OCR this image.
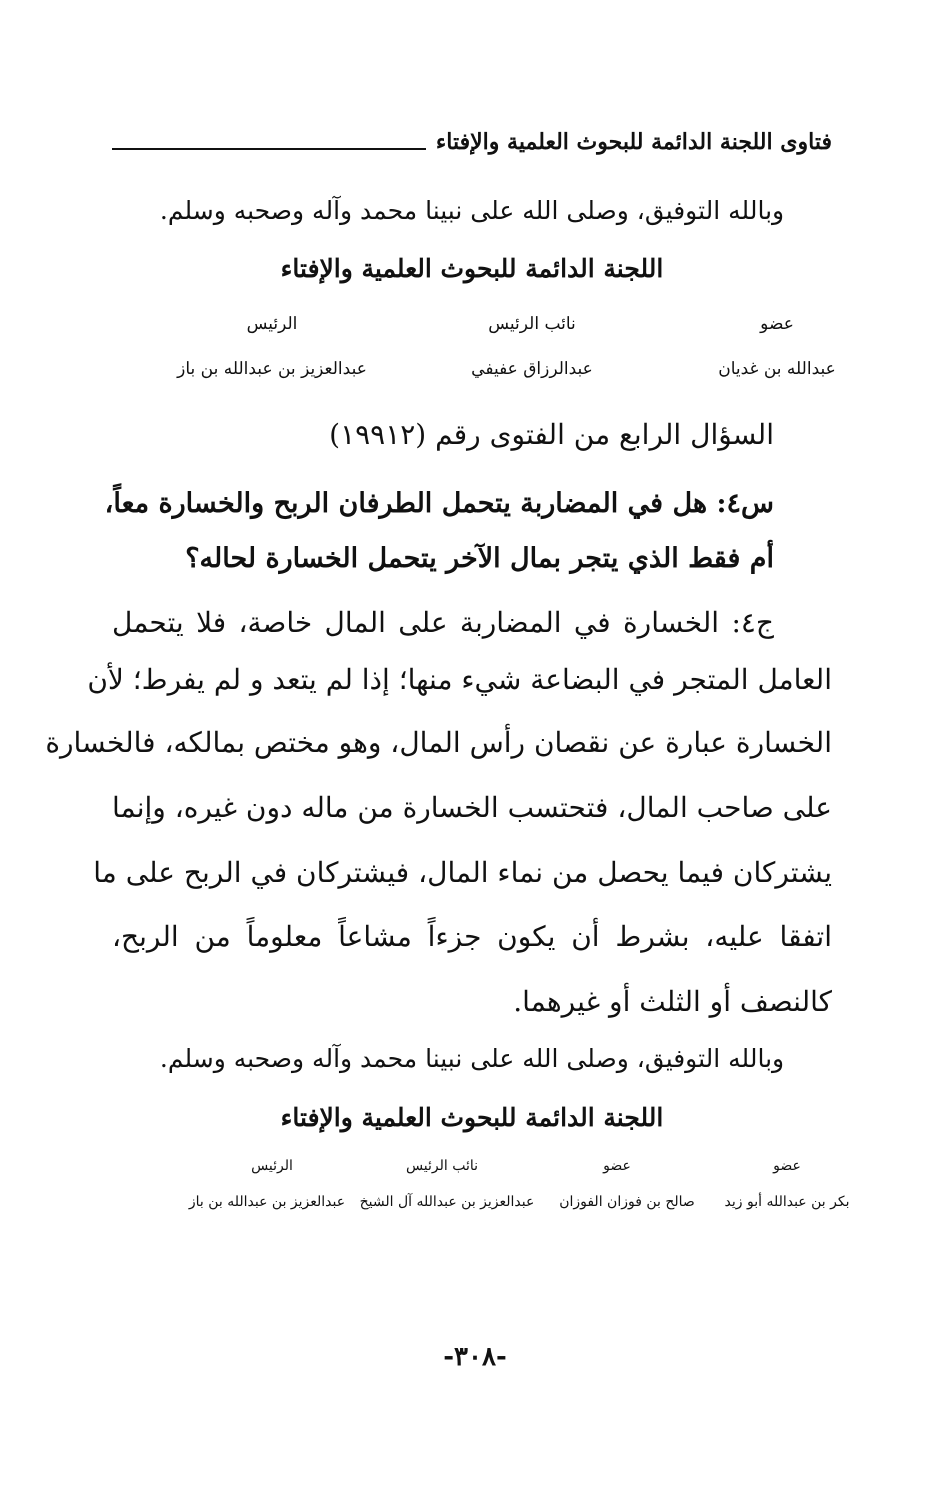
فتاوى اللجنة الدائمة للبحوث العلمية والإفتاء
وبالله التوفيق، وصلى الله على نبينا محمد وآله وصحبه وسلم.
اللجنة الدائمة للبحوث العلمية والإفتاء
عضو
نائب الرئيس
الرئيس
عبدالله بن غديان
عبدالرزاق عفيفي
عبدالعزيز بن عبدالله بن باز
السؤال الرابع من الفتوى رقم (١٩٩١٢)
س٤: هل في المضاربة يتحمل الطرفان الربح والخسارة معاً،
أم فقط الذي يتجر بمال الآخر يتحمل الخسارة لحاله؟
ج٤: الخسارة في المضاربة على المال خاصة، فلا يتحمل
العامل المتجر في البضاعة شيء منها؛ إذا لم يتعد و لم يفرط؛ لأن
الخسارة عبارة عن نقصان رأس المال، وهو مختص بمالكه، فالخسارة
على صاحب المال، فتحتسب الخسارة من ماله دون غيره، وإنما
يشتركان فيما يحصل من نماء المال، فيشتركان في الربح على ما
اتفقا عليه، بشرط أن يكون جزءاً مشاعاً معلوماً من الربح،
كالنصف أو الثلث أو غيرهما.
وبالله التوفيق، وصلى الله على نبينا محمد وآله وصحبه وسلم.
اللجنة الدائمة للبحوث العلمية والإفتاء
عضو
عضو
نائب الرئيس
الرئيس
بكر بن عبدالله أبو زيد
صالح بن فوزان الفوزان
عبدالعزيز بن عبدالله آل الشيخ
عبدالعزيز بن عبدالله بن باز
-٣٠٨-
